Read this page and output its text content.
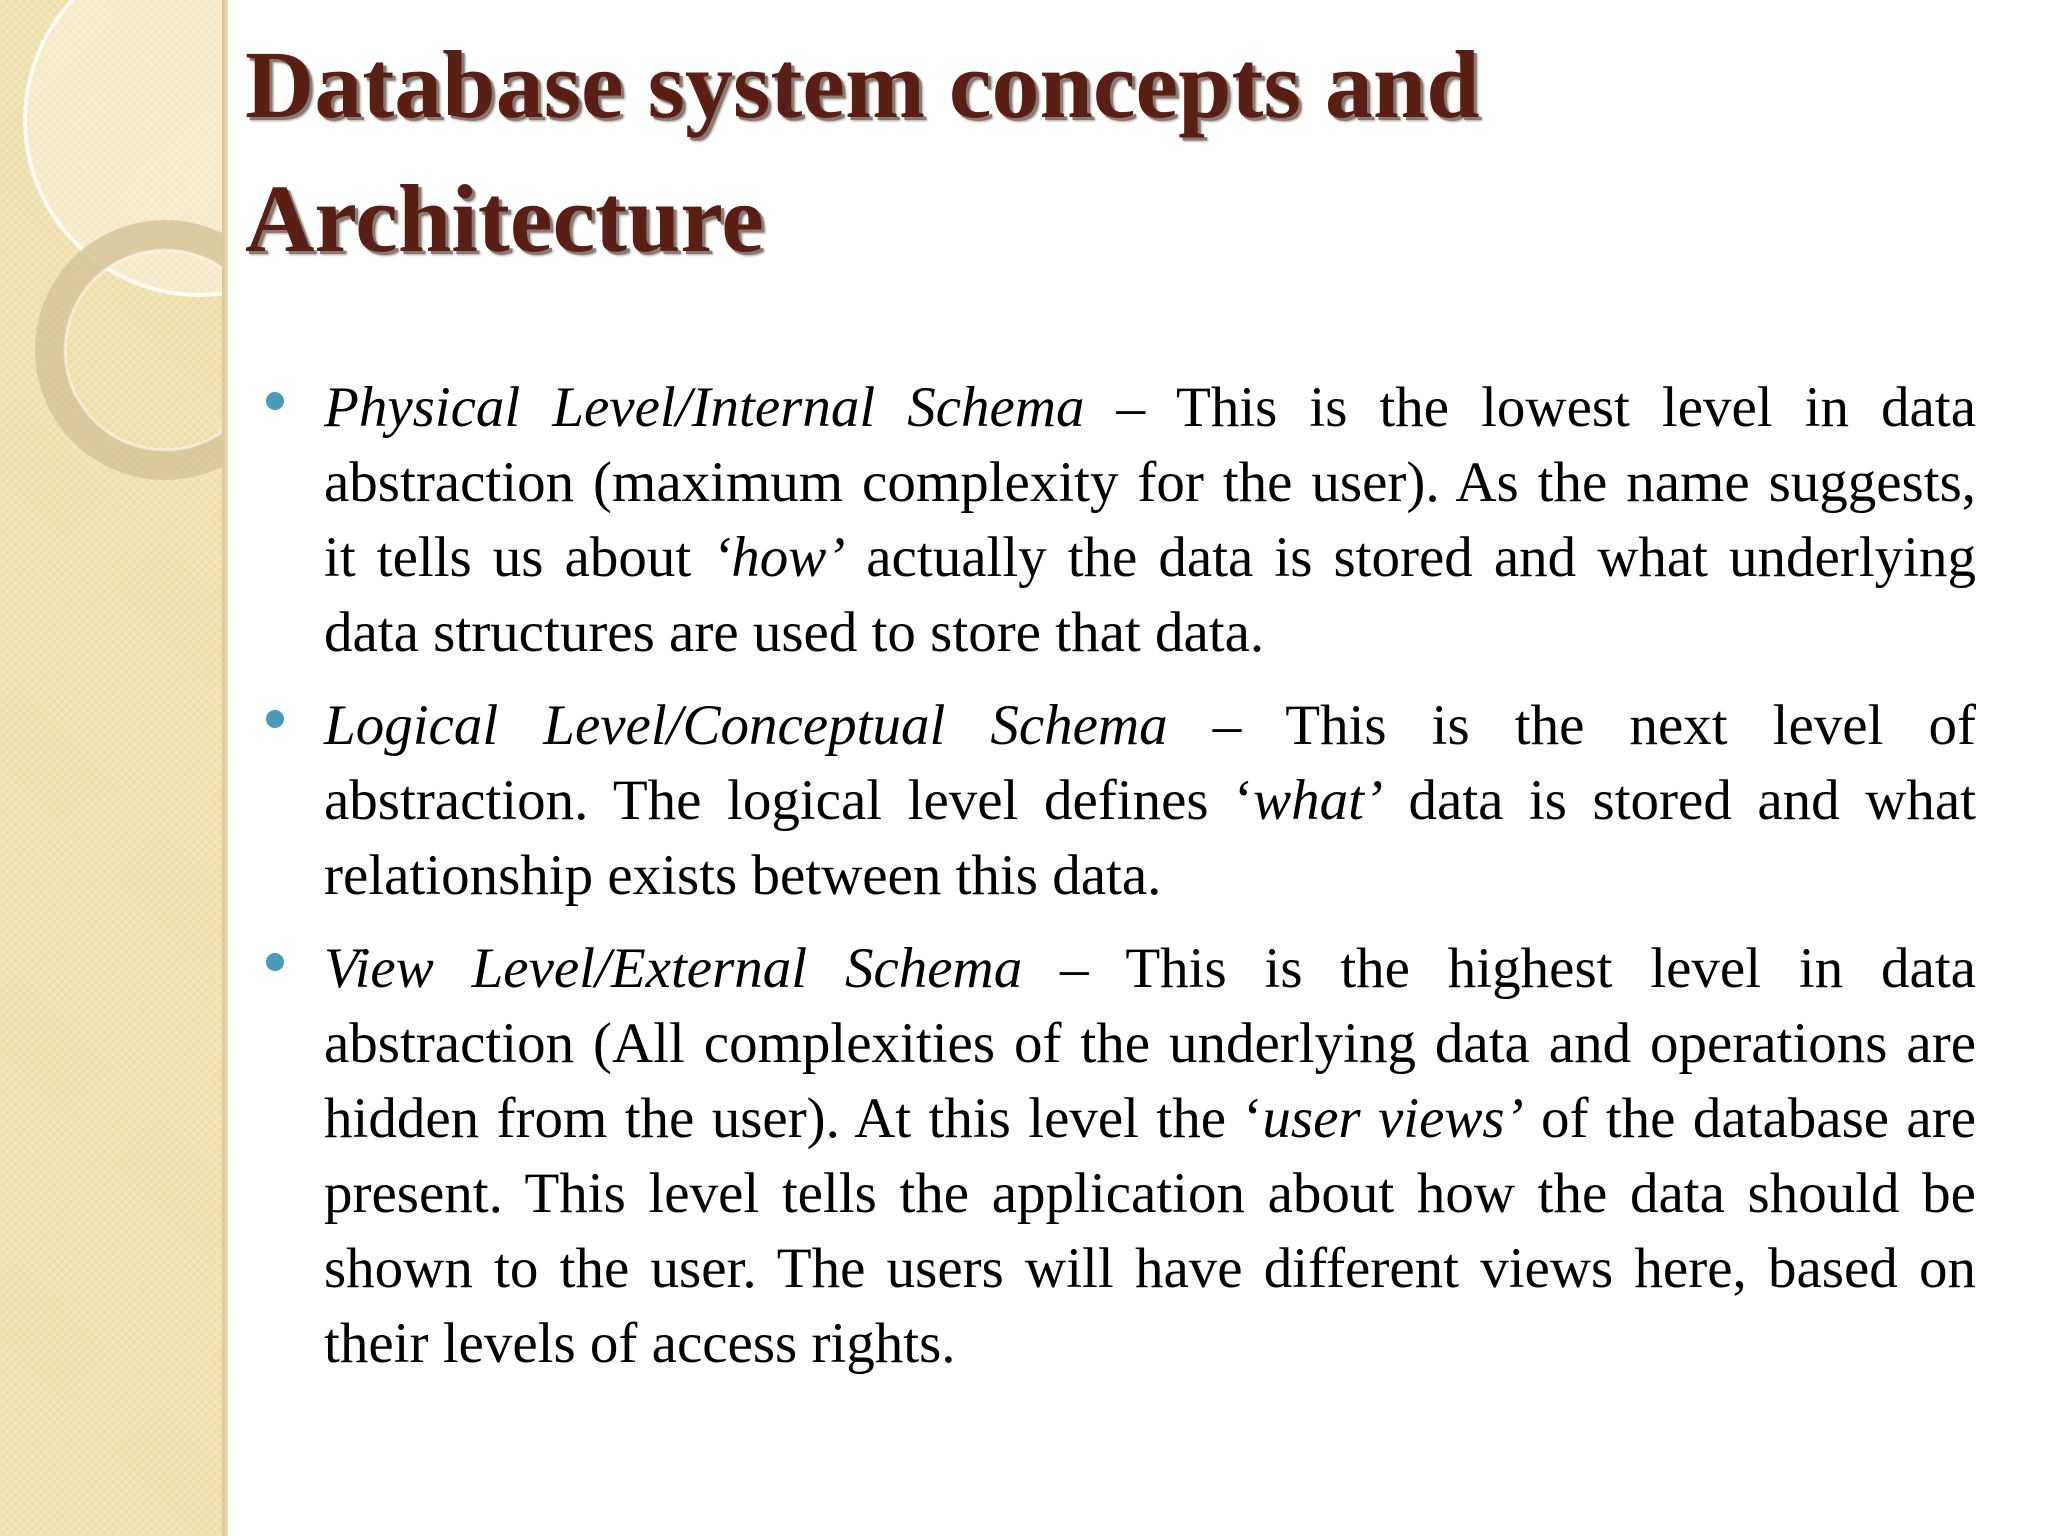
Database system concepts and
Architecture
Physical Level/Internal Schema – This is the lowest level in data abstraction (maximum complexity for the user). As the name suggests, it tells us about ‘how’ actually the data is stored and what underlying data structures are used to store that data.
Logical Level/Conceptual Schema – This is the next level of abstraction. The logical level defines ‘what’ data is stored and what relationship exists between this data.
View Level/External Schema – This is the highest level in data abstraction (All complexities of the underlying data and operations are hidden from the user). At this level the ‘user views’ of the database are present. This level tells the application about how the data should be shown to the user. The users will have different views here, based on their levels of access rights.
